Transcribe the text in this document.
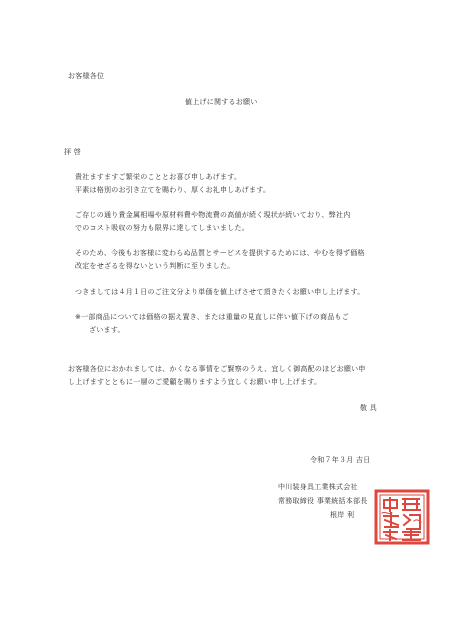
お客様各位
値上げに関するお願い
拝 啓
貴社ますますご繁栄のこととお喜び申しあげます。
平素は格別のお引き立てを賜わり、厚くお礼申しあげます。
ご存じの通り貴金属相場や原材料費や物流費の高値が続く現状が続いており、弊社内
でのコスト吸収の努力も限界に達してしまいました。
そのため、今後もお客様に変わらぬ品質とサービスを提供するためには、やむを得ず価格
改定をせざるを得ないという判断に至りました。
つきましては４月１日のご注文分より単価を値上げさせて頂きたくお願い申し上げます。
※一部商品については価格の据え置き、または重量の見直しに伴い値下げの商品もご
ざいます。
お客様各位におかれましては、かくなる事情をご賢察のうえ、宜しく御高配のほどお願い申
し上げますとともに一層のご愛顧を賜りますよう宜しくお願い申し上げます。
敬 具
令和７年３月 吉日
中川装身具工業株式会社
常務取締役 事業統括本部長
根岸 利
